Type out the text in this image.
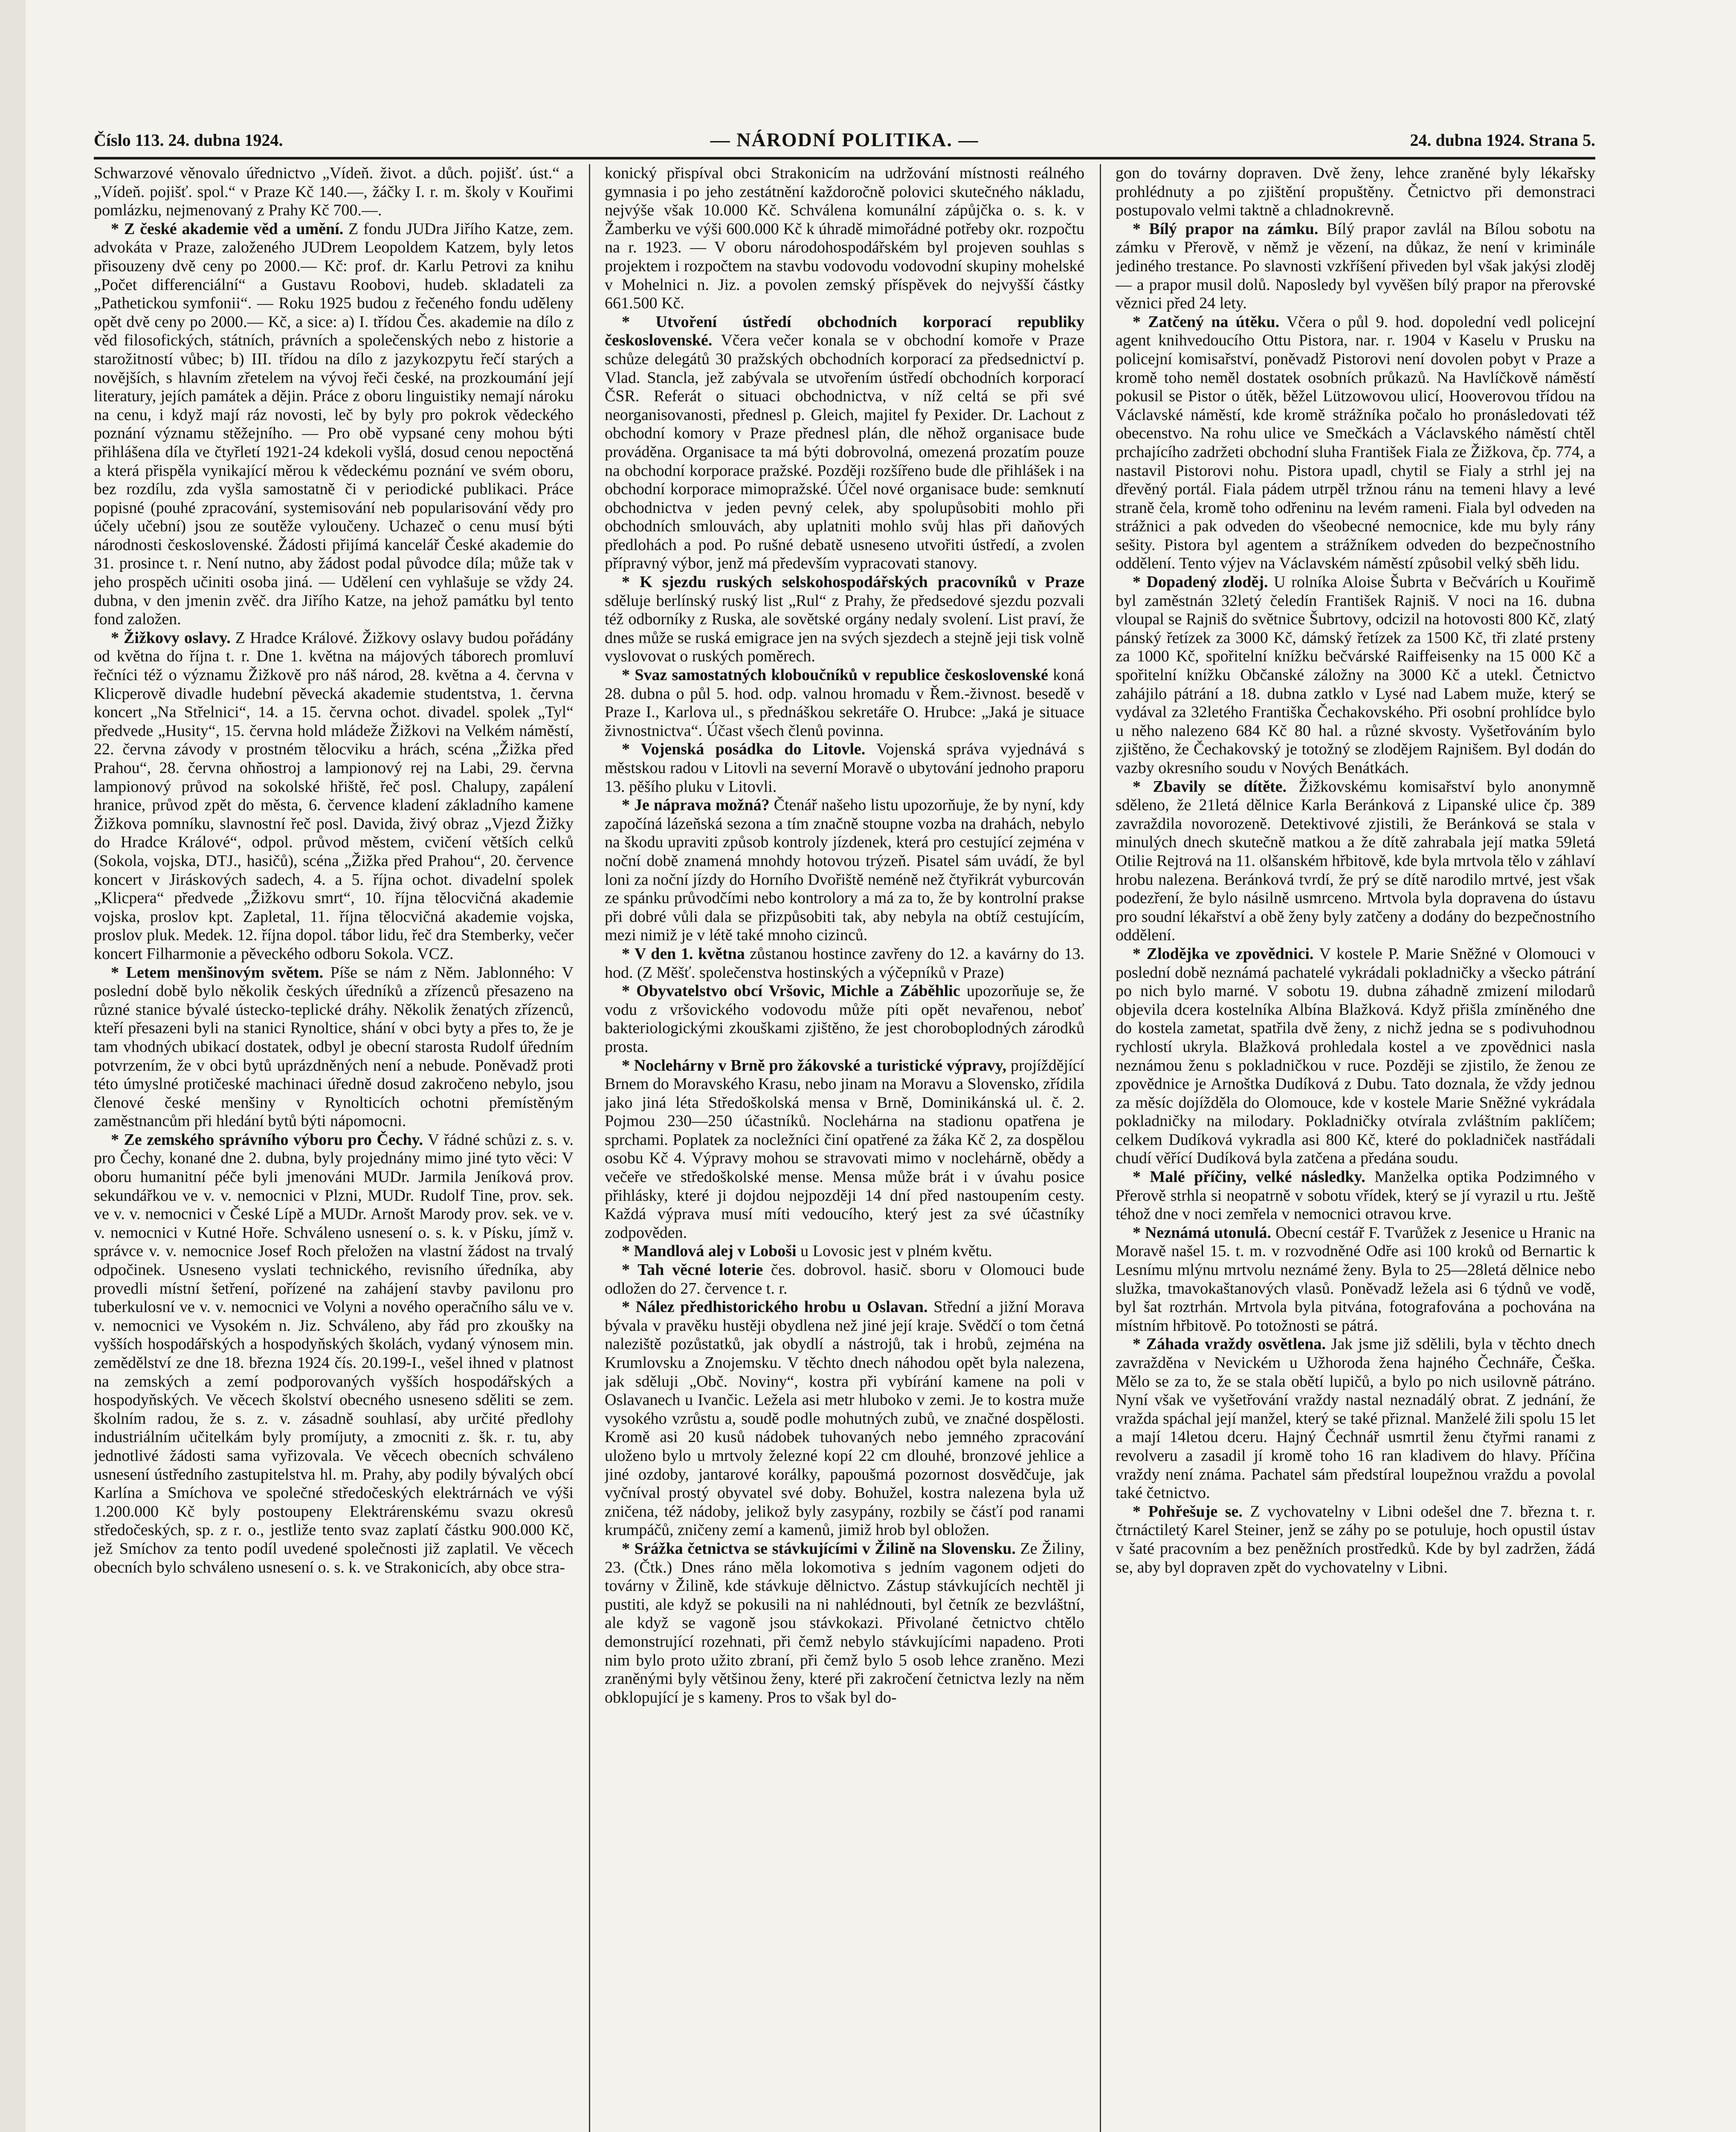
Číslo 113. 24. dubna 1924.	— NÁRODNÍ POLITIKA. —	24. dubna 1924. Strana 5.

Schwarzové věnovalo úřednictvo „Vídeň. život. a důch. pojišť. úst.“ a „Vídeň. pojišť. spol.“ v Praze Kč 140.—, žáčky I. r. m. školy v Kouřimi pomlázku, nejmenovaný z Prahy Kč 700.—.

* Z české akademie věd a umění. Z fondu JUDra Jiřího Katze, zem. advokáta v Praze, založeného JUDrem Leopoldem Katzem, byly letos přisouzeny dvě ceny po 2000.— Kč: prof. dr. Karlu Petrovi za knihu „Počet differenciální“ a Gustavu Roobovi, hudeb. skladateli za „Pathetickou symfonii“. — Roku 1925 budou z řečeného fondu uděleny opět dvě ceny po 2000.— Kč, a sice: a) I. třídou Čes. akademie na dílo z věd filosofických, státních, právních a společenských nebo z historie a starožitností vůbec; b) III. třídou na dílo z jazykozpytu řečí starých a novějších, s hlavním zřetelem na vývoj řeči české, na prozkoumání její literatury, jejích památek a dějin. Práce z oboru linguistiky nemají nároku na cenu, i když mají ráz novosti, leč by byly pro pokrok vědeckého poznání významu stěžejního. — Pro obě vypsané ceny mohou býti přihlášena díla ve čtyřletí 1921-24 kdekoli vyšlá, dosud cenou nepoctěná a která přispěla vynikající měrou k vědeckému poznání ve svém oboru, bez rozdílu, zda vyšla samostatně či v periodické publikaci. Práce popisné (pouhé zpracování, systemisování neb popularisování vědy pro účely učební) jsou ze soutěže vyloučeny. Uchazeč o cenu musí býti národnosti československé. Žádosti přijímá kancelář České akademie do 31. prosince t. r. Není nutno, aby žádost podal původce díla; může tak v jeho prospěch učiniti osoba jiná. — Udělení cen vyhlašuje se vždy 24. dubna, v den jmenin zvěč. dra Jiřího Katze, na jehož památku byl tento fond založen.

* Žižkovy oslavy. Z Hradce Králové. Žižkovy oslavy budou pořádány od května do října t. r. Dne 1. května na májových táborech promluví řečníci též o významu Žižkově pro náš národ, 28. května a 4. června v Klicperově divadle hudební pěvecká akademie studentstva, 1. června koncert „Na Střelnici“, 14. a 15. června ochot. divadel. spolek „Tyl“ předvede „Husity“, 15. června hold mládeže Žižkovi na Velkém náměstí, 22. června závody v prostném tělocviku a hrách, scéna „Žižka před Prahou“, 28. června ohňostroj a lampionový rej na Labi, 29. června lampionový průvod na sokolské hřiště, řeč posl. Chalupy, zapálení hranice, průvod zpět do města, 6. července kladení základního kamene Žižkova pomníku, slavnostní řeč posl. Davida, živý obraz „Vjezd Žižky do Hradce Králové“, odpol. průvod městem, cvičení větších celků (Sokola, vojska, DTJ., hasičů), scéna „Žižka před Prahou“, 20. července koncert v Jiráskových sadech, 4. a 5. října ochot. divadelní spolek „Klicpera“ předvede „Žižkovu smrt“, 10. října tělocvičná akademie vojska, proslov kpt. Zapletal, 11. října tělocvičná akademie vojska, proslov pluk. Medek. 12. října dopol. tábor lidu, řeč dra Stemberky, večer koncert Filharmonie a pěveckého odboru Sokola. VCZ.

* Letem menšinovým světem. Píše se nám z Něm. Jablonného: V poslední době bylo několik českých úředníků a zřízenců přesazeno na různé stanice bývalé ústecko-teplické dráhy. Několik ženatých zřízenců, kteří přesazeni byli na stanici Rynoltice, shání v obci byty a přes to, že je tam vhodných ubikací dostatek, odbyl je obecní starosta Rudolf úředním potvrzením, že v obci bytů uprázdněných není a nebude. Poněvadž proti této úmyslné protičeské machinaci úředně dosud zakročeno nebylo, jsou členové české menšiny v Rynolticích ochotni přemístěným zaměstnancům při hledání bytů býti nápomocni.

* Ze zemského správního výboru pro Čechy. V řádné schůzi z. s. v. pro Čechy, konané dne 2. dubna, byly projednány mimo jiné tyto věci: V oboru humanitní péče byli jmenováni MUDr. Jarmila Jeníková prov. sekundářkou ve v. v. nemocnici v Plzni, MUDr. Rudolf Tine, prov. sek. ve v. v. nemocnici v České Lípě a MUDr. Arnošt Marody prov. sek. ve v. v. nemocnici v Kutné Hoře. Schváleno usnesení o. s. k. v Písku, jímž v. správce v. v. nemocnice Josef Roch přeložen na vlastní žádost na trvalý odpočinek. Usneseno vyslati technického, revisního úředníka, aby provedli místní šetření, pořízené na zahájení stavby pavilonu pro tuberkulosní ve v. v. nemocnici ve Volyni a nového operačního sálu ve v. v. nemocnici ve Vysokém n. Jiz. Schváleno, aby řád pro zkoušky na vyšších hospodářských a hospodyňských školách, vydaný výnosem min. zemědělství ze dne 18. března 1924 čís. 20.199-I., vešel ihned v platnost na zemských a zemí podporovaných vyšších hospodářských a hospodyňských. Ve věcech školství obecného usneseno sděliti se zem. školním radou, že s. z. v. zásadně souhlasí, aby určité předlohy industriálním učitelkám byly promíjuty, a zmocniti z. šk. r. tu, aby jednotlivé žádosti sama vyřizovala. Ve věcech obecních schváleno usnesení ústředního zastupitelstva hl. m. Prahy, aby podily bývalých obcí Karlína a Smíchova ve společné středočeských elektrárnách ve výši 1.200.000 Kč byly postoupeny Elektrárenskému svazu okresů středočeských, sp. z r. o., jestliže tento svaz zaplatí částku 900.000 Kč, jež Smíchov za tento podíl uvedené společnosti již zaplatil. Ve věcech obecních bylo schváleno usnesení o. s. k. ve Strakonicích, aby obce stra-

konický přispíval obci Strakonicím na udržování místnosti reálného gymnasia i po jeho zestátnění každoročně polovici skutečného nákladu, nejvýše však 10.000 Kč. Schválena komunální zápůjčka o. s. k. v Žamberku ve výši 600.000 Kč k úhradě mimořádné potřeby okr. rozpočtu na r. 1923. — V oboru národohospodářském byl projeven souhlas s projektem i rozpočtem na stavbu vodovodu vodovodní skupiny mohelské v Mohelnici n. Jiz. a povolen zemský příspěvek do nejvyšší částky 661.500 Kč.

* Utvoření ústředí obchodních korporací republiky československé. Včera večer konala se v obchodní komoře v Praze schůze delegátů 30 pražských obchodních korporací za předsednictví p. Vlad. Stancla, jež zabývala se utvořením ústředí obchodních korporací ČSR. Referát o situaci obchodnictva, v níž celtá se při své neorganisovanosti, přednesl p. Gleich, majitel fy Pexider. Dr. Lachout z obchodní komory v Praze přednesl plán, dle něhož organisace bude prováděna. Organisace ta má býti dobrovolná, omezená prozatím pouze na obchodní korporace pražské. Později rozšířeno bude dle přihlášek i na obchodní korporace mimopražské. Účel nové organisace bude: semknutí obchodnictva v jeden pevný celek, aby spolupůsobiti mohlo při obchodních smlouvách, aby uplatniti mohlo svůj hlas při daňových předlohách a pod. Po rušné debatě usneseno utvořiti ústředí, a zvolen přípravný výbor, jenž má především vypracovati stanovy.

* K sjezdu ruských selskohospodářských pracovníků v Praze sděluje berlínský ruský list „Rul“ z Prahy, že předsedové sjezdu pozvali též odborníky z Ruska, ale sovětské orgány nedaly svolení. List praví, že dnes může se ruská emigrace jen na svých sjezdech a stejně jeji tisk volně vyslovovat o ruských poměrech.

* Svaz samostatných kloboučníků v republice československé koná 28. dubna o půl 5. hod. odp. valnou hromadu v Řem.-živnost. besedě v Praze I., Karlova ul., s přednáškou sekretáře O. Hrubce: „Jaká je situace živnostnictva“. Účast všech členů povinna.

* Vojenská posádka do Litovle. Vojenská správa vyjednává s městskou radou v Litovli na severní Moravě o ubytování jednoho praporu 13. pěšího pluku v Litovli.

* Je náprava možná? Čtenář našeho listu upozorňuje, že by nyní, kdy započíná lázeňská sezona a tím značně stoupne vozba na drahách, nebylo na škodu upraviti způsob kontroly jízdenek, která pro cestující zejména v noční době znamená mnohdy hotovou trýzeň. Pisatel sám uvádí, že byl loni za noční jízdy do Horního Dvořiště neméně než čtyřikrát vyburcován ze spánku průvodčími nebo kontrolory a má za to, že by kontrolní prakse při dobré vůli dala se přizpůsobiti tak, aby nebyla na obtíž cestujícím, mezi nimiž je v létě také mnoho cizinců.

* V den 1. května zůstanou hostince zavřeny do 12. a kavárny do 13. hod. (Z Měšť. společenstva hostinských a výčepníků v Praze)

* Obyvatelstvo obcí Vršovic, Michle a Záběhlic upozorňuje se, že vodu z vršovického vodovodu může píti opět nevařenou, neboť bakteriologickými zkouškami zjištěno, že jest choroboplodných zárodků prosta.

* Noclehárny v Brně pro žákovské a turistické výpravy, projíždějící Brnem do Moravského Krasu, nebo jinam na Moravu a Slovensko, zřídila jako jiná léta Středoškolská mensa v Brně, Dominikánská ul. č. 2. Pojmou 230—250 účastníků. Noclehárna na stadionu opatřena je sprchami. Poplatek za nocležníci činí opatřené za žáka Kč 2, za dospělou osobu Kč 4. Výpravy mohou se stravovati mimo v noclehárně, obědy a večeře ve středoškolské mense. Mensa může brát i v úvahu posice přihlásky, které ji dojdou nejpozději 14 dní před nastoupením cesty. Každá výprava musí míti vedoucího, který jest za své účastníky zodpověden.

* Mandlová alej v Loboši u Lovosic jest v plném květu.

* Tah věcné loterie čes. dobrovol. hasič. sboru v Olomouci bude odložen do 27. července t. r.

* Nález předhistorického hrobu u Oslavan. Střední a jižní Morava bývala v pravěku hustěji obydlena než jiné její kraje. Svědčí o tom četná naleziště pozůstatků, jak obydlí a nástrojů, tak i hrobů, zejména na Krumlovsku a Znojemsku. V těchto dnech náhodou opět byla nalezena, jak sděluji „Obč. Noviny“, kostra při vybírání kamene na poli v Oslavanech u Ivančic. Ležela asi metr hluboko v zemi. Je to kostra muže vysokého vzrůstu a, soudě podle mohutných zubů, ve značné dospělosti. Kromě asi 20 kusů nádobek tuhovaných nebo jemného zpracování uloženo bylo u mrtvoly železné kopí 22 cm dlouhé, bronzové jehlice a jiné ozdoby, jantarové korálky, papoušmá pozornost dosvědčuje, jak vyčníval prostý obyvatel své doby. Bohužel, kostra nalezena byla už zničena, též nádoby, jelikož byly zasypány, rozbily se čásťí pod ranami krumpáčů, zničeny zemí a kamenů, jimiž hrob byl obložen.

* Srážka četnictva se stávkujícími v Žilině na Slovensku. Ze Žiliny, 23. (Čtk.) Dnes ráno měla lokomotiva s jedním vagonem odjeti do továrny v Žilině, kde stávkuje dělnictvo. Zástup stávkujících nechtěl ji pustiti, ale když se pokusili na ni nahlédnouti, byl četník ze bezvláštní, ale když se vagoně jsou stávkokazi. Přivolané četnictvo chtělo demonstrující rozehnati, při čemž nebylo stávkujícími napadeno. Proti nim bylo proto užito zbraní, při čemž bylo 5 osob lehce zraněno. Mezi zraněnými byly většinou ženy, které při zakročení četnictva lezly na něm obklopující je s kameny. Pros to však byl do-

gon do továrny dopraven. Dvě ženy, lehce zraněné byly lékařsky prohlédnuty a po zjištění propuštěny. Četnictvo při demonstraci postupovalo velmi taktně a chladnokrevně.

* Bílý prapor na zámku. Bílý prapor zavlál na Bílou sobotu na zámku v Přerově, v němž je vězení, na důkaz, že není v kriminále jediného trestance. Po slavnosti vzkříšení přiveden byl však jakýsi zloděj — a prapor musil dolů. Naposledy byl vyvěšen bílý prapor na přerovské věznici před 24 lety.

* Zatčený na útěku. Včera o půl 9. hod. dopolední vedl policejní agent knihvedoucího Ottu Pistora, nar. r. 1904 v Kaselu v Prusku na policejní komisařství, poněvadž Pistorovi není dovolen pobyt v Praze a kromě toho neměl dostatek osobních průkazů. Na Havlíčkově náměstí pokusil se Pistor o útěk, běžel Lützowovou ulicí, Hooverovou třídou na Václavské náměstí, kde kromě strážníka počalo ho pronásledovati též obecenstvo. Na rohu ulice ve Smečkách a Václavského náměstí chtěl prchajícího zadržeti obchodní sluha František Fiala ze Žižkova, čp. 774, a nastavil Pistorovi nohu. Pistora upadl, chytil se Fialy a strhl jej na dřevěný portál. Fiala pádem utrpěl tržnou ránu na temeni hlavy a levé straně čela, kromě toho odřeninu na levém rameni. Fiala byl odveden na strážnici a pak odveden do všeobecné nemocnice, kde mu byly rány sešity. Pistora byl agentem a strážníkem odveden do bezpečnostního oddělení. Tento výjev na Václavském náměstí způsobil velký sběh lidu.

* Dopadený zloděj. U rolníka Aloise Šubrta v Bečvárích u Kouřimě byl zaměstnán 32letý čeledín František Rajniš. V noci na 16. dubna vloupal se Rajniš do světnice Šubrtovy, odcizil na hotovosti 800 Kč, zlatý pánský řetízek za 3000 Kč, dámský řetízek za 1500 Kč, tři zlaté prsteny za 1000 Kč, spořitelní knížku bečvárské Raiffeisenky na 15 000 Kč a spořitelní knížku Občanské záložny na 3000 Kč a utekl. Četnictvo zahájilo pátrání a 18. dubna zatklo v Lysé nad Labem muže, který se vydával za 32letého Františka Čechakovského. Při osobní prohlídce bylo u něho nalezeno 684 Kč 80 hal. a různé skvosty. Vyšetřováním bylo zjištěno, že Čechakovský je totožný se zlodějem Rajnišem. Byl dodán do vazby okresního soudu v Nových Benátkách.

* Zbavily se dítěte. Žižkovskému komisařství bylo anonymně sděleno, že 21letá dělnice Karla Beránková z Lipanské ulice čp. 389 zavraždila novorozeně. Detektivové zjistili, že Beránková se stala v minulých dnech skutečně matkou a že dítě zahrabala její matka 59letá Otilie Rejtrová na 11. olšanském hřbitově, kde byla mrtvola tělo v záhlaví hrobu nalezena. Beránková tvrdí, že prý se dítě narodilo mrtvé, jest však podezření, že bylo násilně usmrceno. Mrtvola byla dopravena do ústavu pro soudní lékařství a obě ženy byly zatčeny a dodány do bezpečnostního oddělení.

* Zlodějka ve zpovědnici. V kostele P. Marie Sněžné v Olomouci v poslední době neznámá pachatelé vykrádali pokladničky a všecko pátrání po nich bylo marné. V sobotu 19. dubna záhadně zmizení milodarů objevila dcera kostelníka Albína Blažková. Když přišla zmíněného dne do kostela zametat, spatřila dvě ženy, z nichž jedna se s podivuhodnou rychlostí ukryla. Blažková prohledala kostel a ve zpovědnici nasla neznámou ženu s pokladničkou v ruce. Později se zjistilo, že ženou ze zpovědnice je Arnoštka Dudíková z Dubu. Tato doznala, že vždy jednou za měsíc dojížděla do Olomouce, kde v kostele Marie Sněžné vykrádala pokladničky na milodary. Pokladničky otvírala zvláštním paklíčem; celkem Dudíková vykradla asi 800 Kč, které do pokladniček nastřádali chudí věřící Dudíková byla zatčena a předána soudu.

* Malé příčiny, velké následky. Manželka optika Podzimného v Přerově strhla si neopatrně v sobotu vřídek, který se jí vyrazil u rtu. Ještě téhož dne v noci zemřela v nemocnici otravou krve.

* Neznámá utonulá. Obecní cestář F. Tvarůžek z Jesenice u Hranic na Moravě našel 15. t. m. v rozvodněné Odře asi 100 kroků od Bernartic k Lesnímu mlýnu mrtvolu neznámé ženy. Byla to 25—28letá dělnice nebo služka, tmavokaštanových vlasů. Poněvadž ležela asi 6 týdnů ve vodě, byl šat roztrhán. Mrtvola byla pitvána, fotografována a pochována na místním hřbitově. Po totožnosti se pátrá.

* Záhada vraždy osvětlena. Jak jsme již sdělili, byla v těchto dnech zavražděna v Nevickém u Užhoroda žena hajného Čechnáře, Češka. Mělo se za to, že se stala obětí lupičů, a bylo po nich usilovně pátráno. Nyní však ve vyšetřování vraždy nastal neznadálý obrat. Z jednání, že vražda spáchal její manžel, který se také přiznal. Manželé žili spolu 15 let a mají 14letou dceru. Hajný Čechnář usmrtil ženu čtyřmi ranami z revolveru a zasadil jí kromě toho 16 ran kladivem do hlavy. Příčina vraždy není známa. Pachatel sám předstíral loupežnou vraždu a povolal také četnictvo.

* Pohřešuje se. Z vychovatelny v Libni odešel dne 7. března t. r. čtrnáctiletý Karel Steiner, jenž se záhy po se potuluje, hoch opustil ústav v šaté pracovním a bez peněžních prostředků. Kde by byl zadržen, žádá se, aby byl dopraven zpět do vychovatelny v Libni.
